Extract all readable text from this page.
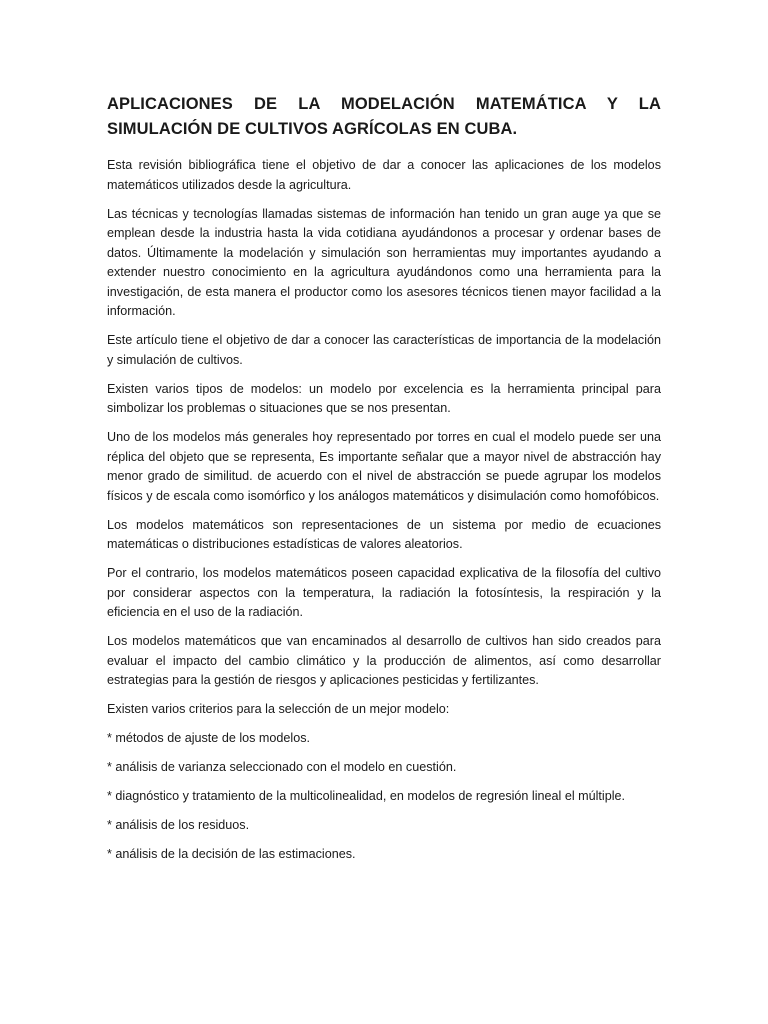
APLICACIONES DE LA MODELACIÓN MATEMÁTICA Y LA SIMULACIÓN DE CULTIVOS AGRÍCOLAS EN CUBA.

Esta revisión bibliográfica tiene el objetivo de dar a conocer las aplicaciones de los modelos matemáticos utilizados desde la agricultura.

Las técnicas y tecnologías llamadas sistemas de información han tenido un gran auge ya que se emplean desde la industria hasta la vida cotidiana ayudándonos a procesar y ordenar bases de datos. Últimamente la modelación y simulación son herramientas muy importantes ayudando a extender nuestro conocimiento en la agricultura ayudándonos como una herramienta para la investigación, de esta manera el productor como los asesores técnicos tienen mayor facilidad a la información.

Este artículo tiene el objetivo de dar a conocer las características de importancia de la modelación y simulación de cultivos.

Existen varios tipos de modelos: un modelo por excelencia es la herramienta principal para simbolizar los problemas o situaciones que se nos presentan.

Uno de los modelos más generales hoy representado por torres en cual el modelo puede ser una réplica del objeto que se representa, Es importante señalar que a mayor nivel de abstracción hay menor grado de similitud. de acuerdo con el nivel de abstracción se puede agrupar los modelos físicos y de escala como isomórfico y los análogos matemáticos y disimulación como homofóbicos.

Los modelos matemáticos son representaciones de un sistema por medio de ecuaciones matemáticas o distribuciones estadísticas de valores aleatorios.

Por el contrario, los modelos matemáticos poseen capacidad explicativa de la filosofía del cultivo por considerar aspectos con la temperatura, la radiación la fotosíntesis, la respiración y la eficiencia en el uso de la radiación.

Los modelos matemáticos que van encaminados al desarrollo de cultivos han sido creados para evaluar el impacto del cambio climático y la producción de alimentos, así como desarrollar estrategias para la gestión de riesgos y aplicaciones pesticidas y fertilizantes.

Existen varios criterios para la selección de un mejor modelo:

* métodos de ajuste de los modelos.

* análisis de varianza seleccionado con el modelo en cuestión.

* diagnóstico y tratamiento de la multicolinealidad, en modelos de regresión lineal el múltiple.

* análisis de los residuos.

* análisis de la decisión de las estimaciones.
